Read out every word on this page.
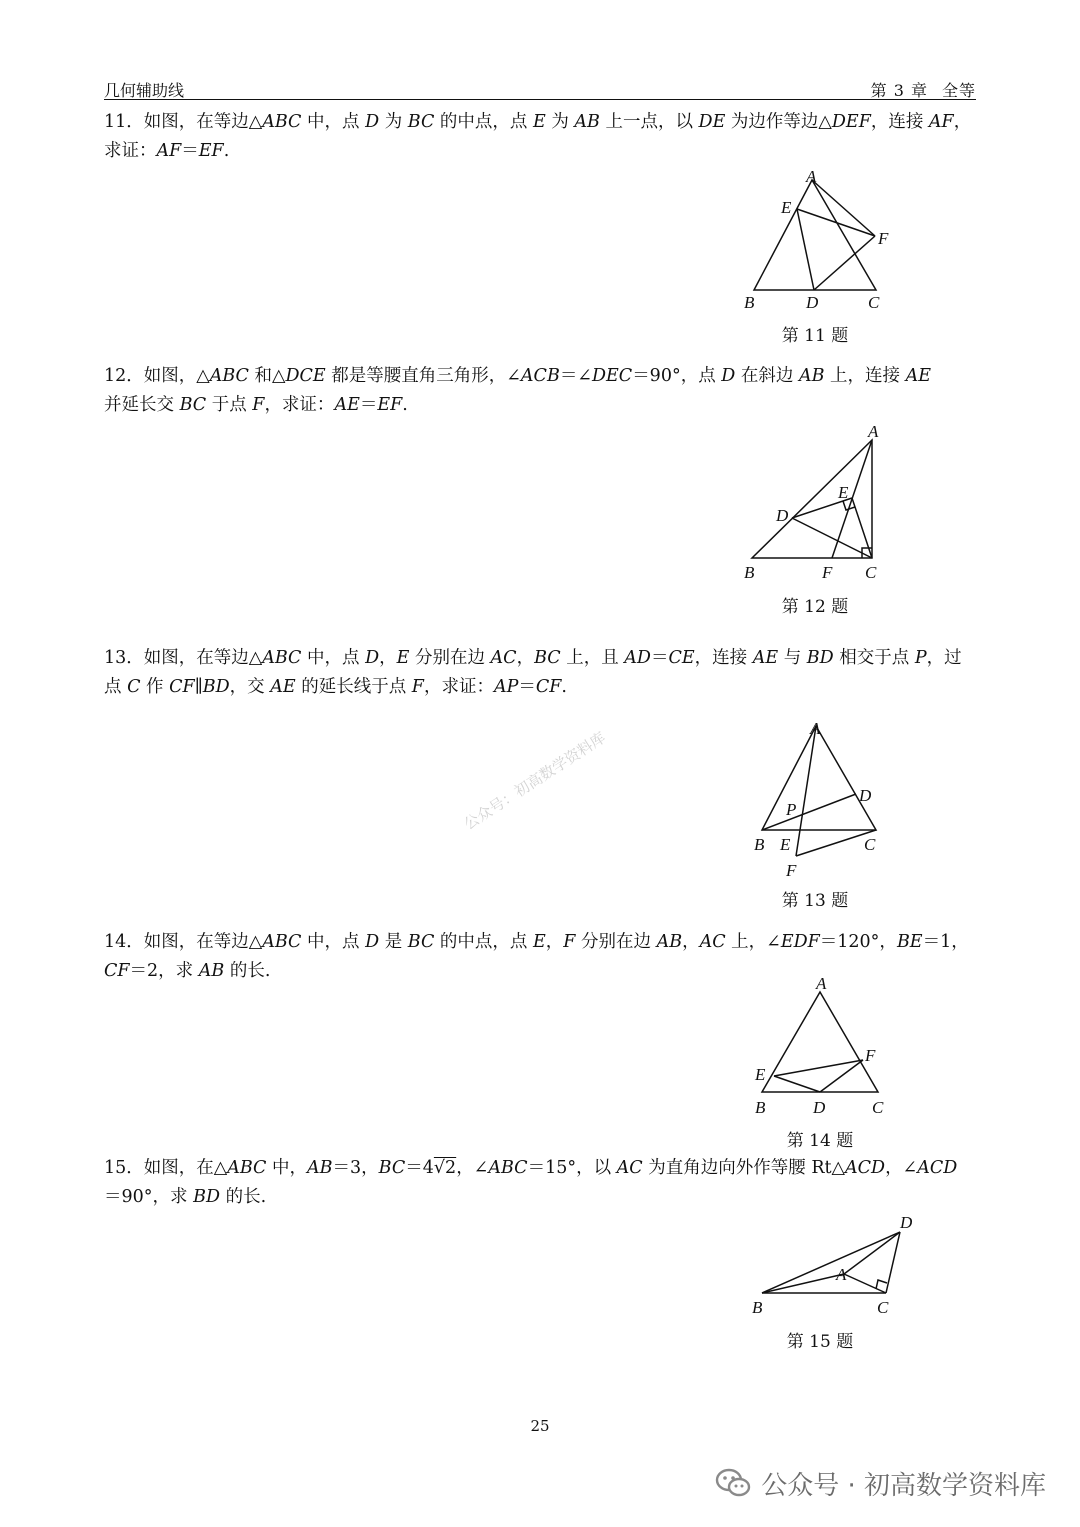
几何辅助线	第 3 章 全等
11．如图，在等边△ABC 中，点 D 为 BC 的中点，点 E 为 AB 上一点，以 DE 为边作等边△DEF，连接 AF，
求证：AF＝EF.
A
E
F
B	D	C
第 11 题
12．如图，△ABC 和△DCE 都是等腰直角三角形，∠ACB＝∠DEC＝90°，点 D 在斜边 AB 上，连接 AE
并延长交 BC 于点 F，求证：AE＝EF.
A
E
D
B	F C
第 12 题
13．如图，在等边△ABC 中，点 D，E 分别在边 AC，BC 上，且 AD＝CE，连接 AE 与 BD 相交于点 P，过
点 C 作 CF∥BD，交 AE 的延长线于点 F，求证：AP＝CF.
A
D
P
B E	C
F
第 13 题
14．如图，在等边△ABC 中，点 D 是 BC 的中点，点 E，F 分别在边 AB，AC 上，∠EDF＝120°，BE＝1，
CF＝2，求 AB 的长.
A
F
E
B	D	C
第 14 题
15．如图，在△ABC 中，AB＝3，BC＝4√2，∠ABC＝15°，以 AC 为直角边向外作等腰 Rt△ACD，∠ACD
＝90°，求 BD 的长.
D
A
B	C
第 15 题
公众号：初高数学资料库
25
公众号 · 初高数学资料库
